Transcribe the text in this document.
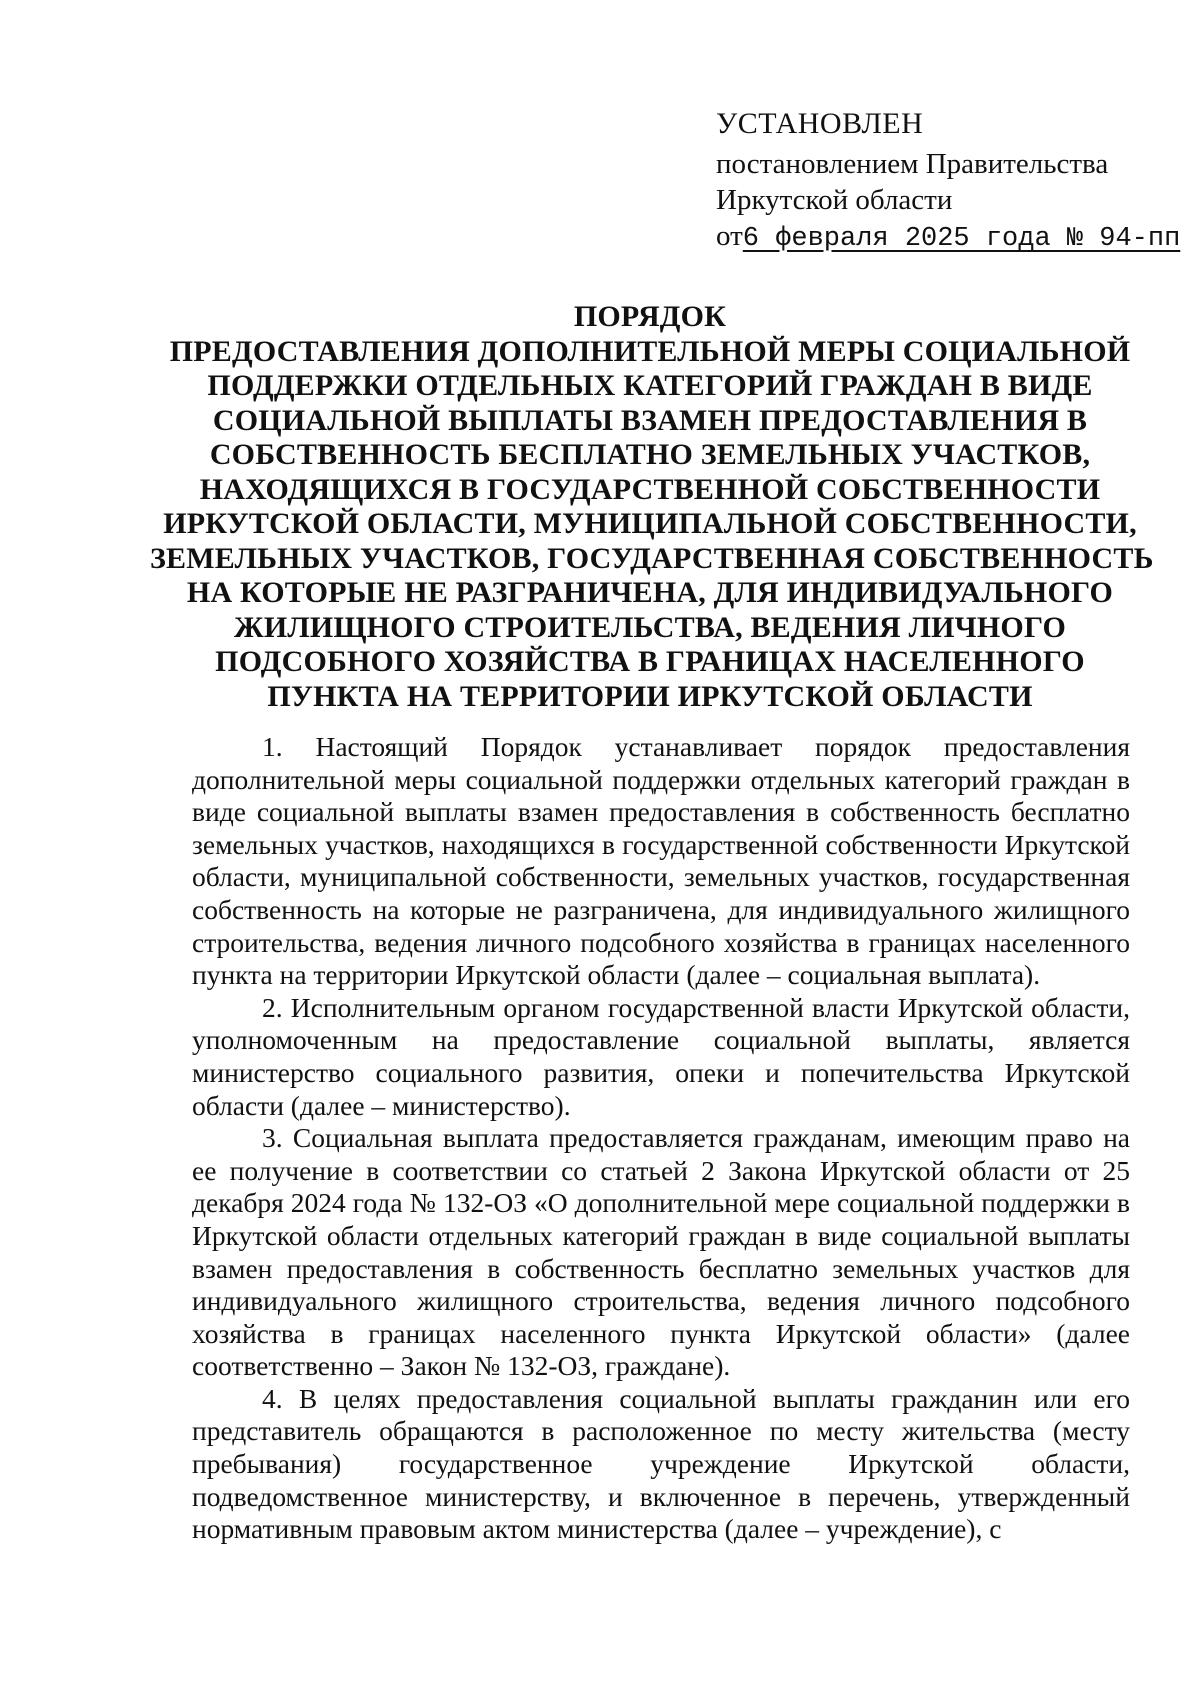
УСТАНОВЛЕН
постановлением Правительства
Иркутской области
от6 февраля 2025 года № 94-пп
ПОРЯДОК
ПРЕДОСТАВЛЕНИЯ ДОПОЛНИТЕЛЬНОЙ МЕРЫ СОЦИАЛЬНОЙ
ПОДДЕРЖКИ ОТДЕЛЬНЫХ КАТЕГОРИЙ ГРАЖДАН В ВИДЕ
СОЦИАЛЬНОЙ ВЫПЛАТЫ ВЗАМЕН ПРЕДОСТАВЛЕНИЯ В
СОБСТВЕННОСТЬ БЕСПЛАТНО ЗЕМЕЛЬНЫХ УЧАСТКОВ,
НАХОДЯЩИХСЯ В ГОСУДАРСТВЕННОЙ СОБСТВЕННОСТИ
ИРКУТСКОЙ ОБЛАСТИ, МУНИЦИПАЛЬНОЙ СОБСТВЕННОСТИ,
ЗЕМЕЛЬНЫХ УЧАСТКОВ, ГОСУДАРСТВЕННАЯ СОБСТВЕННОСТЬ
НА КОТОРЫЕ НЕ РАЗГРАНИЧЕНА, ДЛЯ ИНДИВИДУАЛЬНОГО
ЖИЛИЩНОГО СТРОИТЕЛЬСТВА, ВЕДЕНИЯ ЛИЧНОГО
ПОДСОБНОГО ХОЗЯЙСТВА В ГРАНИЦАХ НАСЕЛЕННОГО
ПУНКТА НА ТЕРРИТОРИИ ИРКУТСКОЙ ОБЛАСТИ

1. Настоящий Порядок устанавливает порядок предоставления дополнительной меры социальной поддержки отдельных категорий граждан в виде социальной выплаты взамен предоставления в собственность бесплатно земельных участков, находящихся в государственной собственности Иркутской области, муниципальной собственности, земельных участков, государственная собственность на которые не разграничена, для индивидуального жилищного строительства, ведения личного подсобного хозяйства в границах населенного пункта на территории Иркутской области (далее – социальная выплата).

2. Исполнительным органом государственной власти Иркутской области, уполномоченным на предоставление социальной выплаты, является министерство социального развития, опеки и попечительства Иркутской области (далее – министерство).

3. Социальная выплата предоставляется гражданам, имеющим право на ее получение в соответствии со статьей 2 Закона Иркутской области от 25 декабря 2024 года № 132-ОЗ «О дополнительной мере социальной поддержки в Иркутской области отдельных категорий граждан в виде социальной выплаты взамен предоставления в собственность бесплатно земельных участков для индивидуального жилищного строительства, ведения личного подсобного хозяйства в границах населенного пункта Иркутской области» (далее соответственно – Закон № 132-ОЗ, граждане).

4. В целях предоставления социальной выплаты гражданин или его представитель обращаются в расположенное по месту жительства (месту пребывания) государственное учреждение Иркутской области, подведомственное министерству, и включенное в перечень, утвержденный нормативным правовым актом министерства (далее – учреждение), с
